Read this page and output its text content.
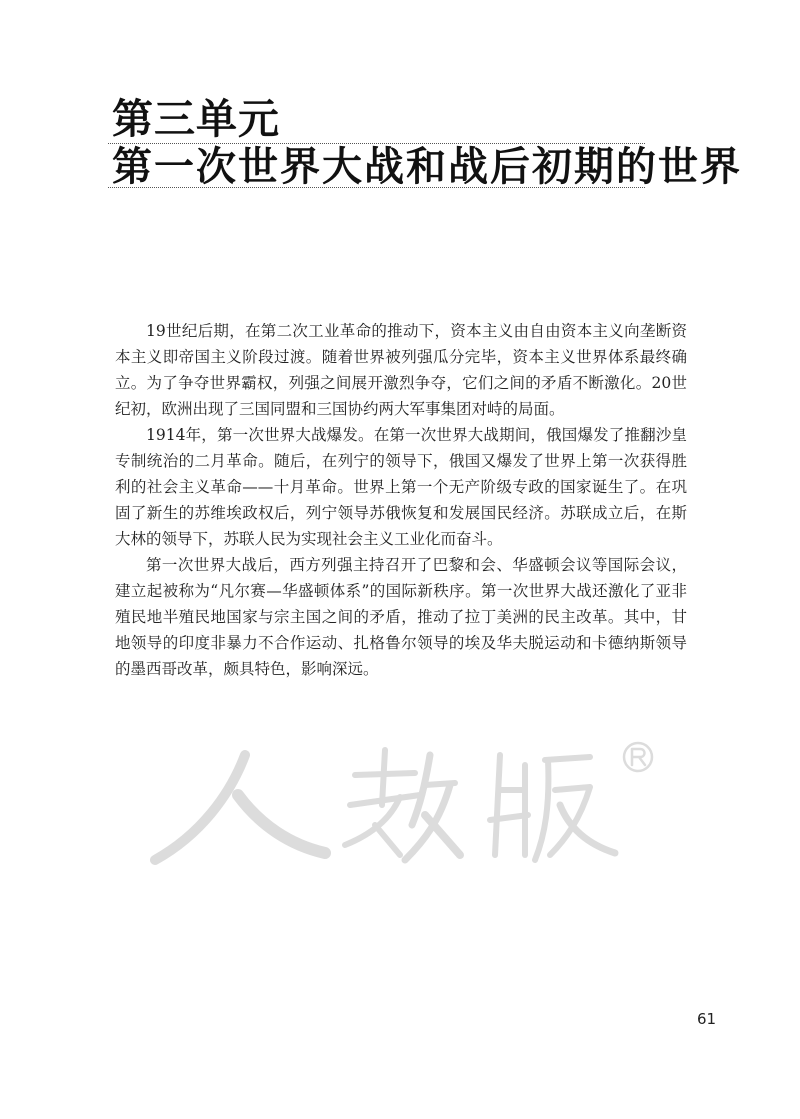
第三单元
第一次世界大战和战后初期的世界

19世纪后期，在第二次工业革命的推动下，资本主义由自由资本主义向垄断资本主义即帝国主义阶段过渡。随着世界被列强瓜分完毕，资本主义世界体系最终确立。为了争夺世界霸权，列强之间展开激烈争夺，它们之间的矛盾不断激化。20世纪初，欧洲出现了三国同盟和三国协约两大军事集团对峙的局面。

1914年，第一次世界大战爆发。在第一次世界大战期间，俄国爆发了推翻沙皇专制统治的二月革命。随后，在列宁的领导下，俄国又爆发了世界上第一次获得胜利的社会主义革命——十月革命。世界上第一个无产阶级专政的国家诞生了。在巩固了新生的苏维埃政权后，列宁领导苏俄恢复和发展国民经济。苏联成立后，在斯大林的领导下，苏联人民为实现社会主义工业化而奋斗。

第一次世界大战后，西方列强主持召开了巴黎和会、华盛顿会议等国际会议，建立起被称为“凡尔赛—华盛顿体系”的国际新秩序。第一次世界大战还激化了亚非殖民地半殖民地国家与宗主国之间的矛盾，推动了拉丁美洲的民主改革。其中，甘地领导的印度非暴力不合作运动、扎格鲁尔领导的埃及华夫脱运动和卡德纳斯领导的墨西哥改革，颇具特色，影响深远。

61
